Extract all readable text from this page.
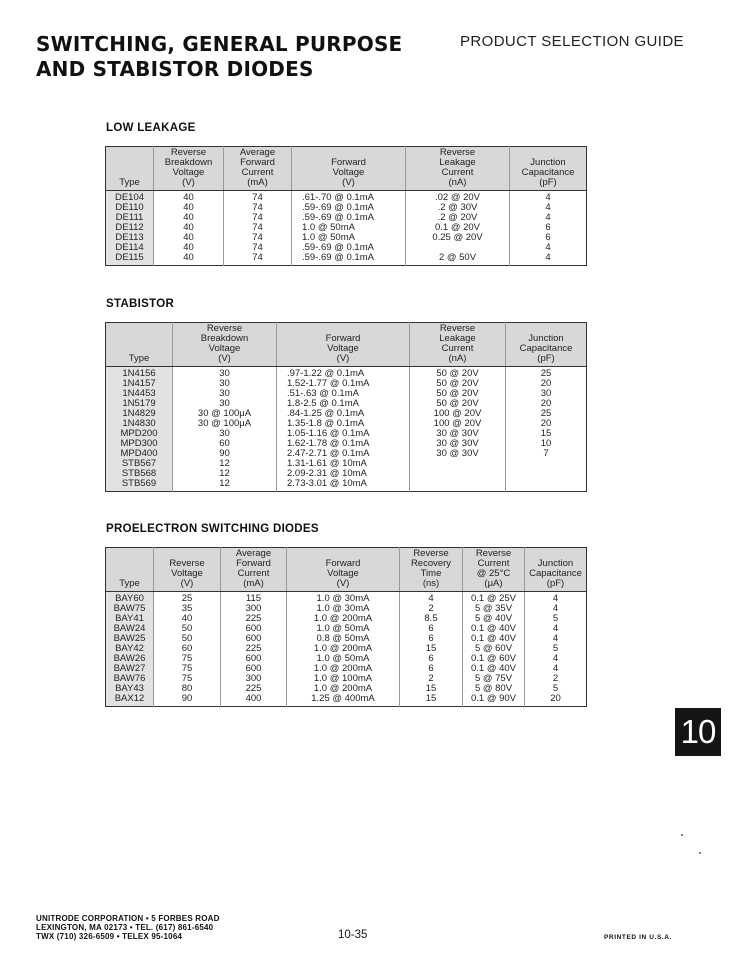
SWITCHING, GENERAL PURPOSE
AND STABISTOR DIODES
PRODUCT SELECTION GUIDE
LOW LEAKAGE
Type	Reverse
Breakdown
Voltage
(V)	Average
Forward
Current
(mA)	Forward
Voltage
(V)	Reverse
Leakage
Current
(nA)	Junction
Capacitance
(pF)
DE104	40	74	.61-.70 @ 0.1mA	.02 @ 20V	4
DE110	40	74	.59-.69 @ 0.1mA	.2 @ 30V	4
DE111	40	74	.59-.69 @ 0.1mA	.2 @ 20V	4
DE112	40	74	1.0 @ 50mA	0.1 @ 20V	6
DE113	40	74	1.0 @ 50mA	0.25 @ 20V	6
DE114	40	74	.59-.69 @ 0.1mA		4
DE115	40	74	.59-.69 @ 0.1mA	2 @ 50V	4
STABISTOR
Type	Reverse
Breakdown
Voltage
(V)	Forward
Voltage
(V)	Reverse
Leakage
Current
(nA)	Junction
Capacitance
(pF)
1N4156	30	.97-1.22 @ 0.1mA	50 @ 20V	25
1N4157	30	1.52-1.77 @ 0.1mA	50 @ 20V	20
1N4453	30	.51-.63 @ 0.1mA	50 @ 20V	30
1N5179	30	1.8-2.5 @ 0.1mA	50 @ 20V	20
1N4829	30 @ 100μA	.84-1.25 @ 0.1mA	100 @ 20V	25
1N4830	30 @ 100μA	1.35-1.8 @ 0.1mA	100 @ 20V	20
MPD200	30	1.05-1.16 @ 0.1mA	30 @ 30V	15
MPD300	60	1.62-1.78 @ 0.1mA	30 @ 30V	10
MPD400	90	2.47-2.71 @ 0.1mA	30 @ 30V	7
STB567	12	1.31-1.61 @ 10mA		
STB568	12	2.09-2.31 @ 10mA		
STB569	12	2.73-3.01 @ 10mA		
PROELECTRON SWITCHING DIODES
Type	Reverse
Voltage
(V)	Average
Forward
Current
(mA)	Forward
Voltage
(V)	Reverse
Recovery
Time
(ns)	Reverse
Current
@ 25°C
(μA)	Junction
Capacitance
(pF)
BAY60	25	115	1.0 @ 30mA	4	0.1 @ 25V	4
BAW75	35	300	1.0 @ 30mA	2	5 @ 35V	4
BAY41	40	225	1.0 @ 200mA	8.5	5 @ 40V	5
BAW24	50	600	1.0 @ 50mA	6	0.1 @ 40V	4
BAW25	50	600	0.8 @ 50mA	6	0.1 @ 40V	4
BAY42	60	225	1.0 @ 200mA	15	5 @ 60V	5
BAW26	75	600	1.0 @ 50mA	6	0.1 @ 60V	4
BAW27	75	600	1.0 @ 200mA	6	0.1 @ 40V	4
BAW76	75	300	1.0 @ 100mA	2	5 @ 75V	2
BAY43	80	225	1.0 @ 200mA	15	5 @ 80V	5
BAX12	90	400	1.25 @ 400mA	15	0.1 @ 90V	20
10
UNITRODE CORPORATION • 5 FORBES ROAD
LEXINGTON, MA 02173 • TEL. (617) 861-6540
TWX (710) 326-6509 • TELEX 95-1064	10-35	PRINTED IN U.S.A.
